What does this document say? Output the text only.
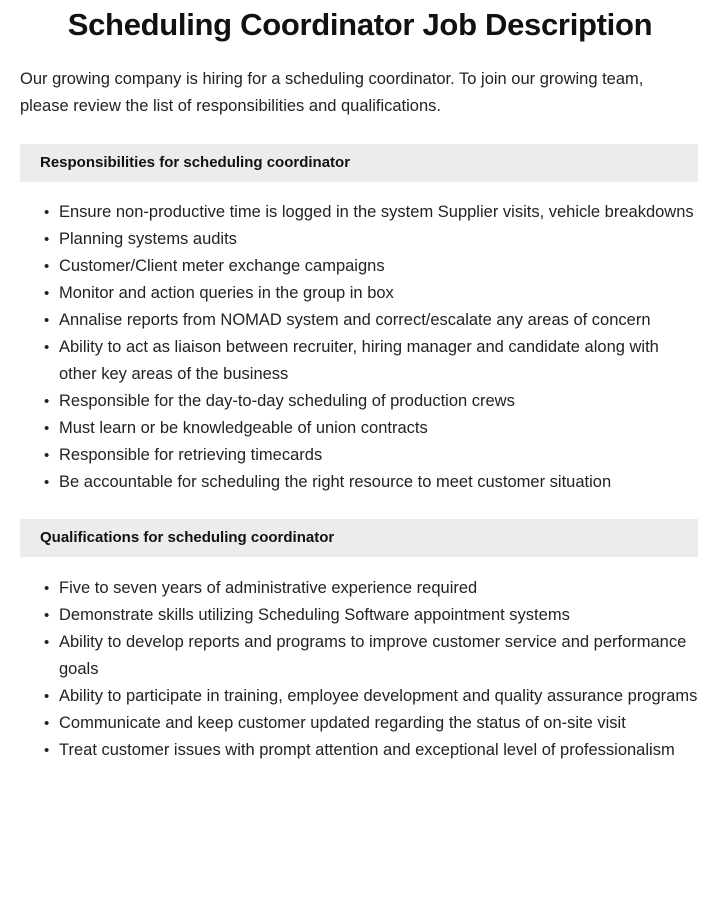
Scheduling Coordinator Job Description

Our growing company is hiring for a scheduling coordinator. To join our growing team, please review the list of responsibilities and qualifications.

Responsibilities for scheduling coordinator
• Ensure non-productive time is logged in the system Supplier visits, vehicle breakdowns
• Planning systems audits
• Customer/Client meter exchange campaigns
• Monitor and action queries in the group in box
• Annalise reports from NOMAD system and correct/escalate any areas of concern
• Ability to act as liaison between recruiter, hiring manager and candidate along with other key areas of the business
• Responsible for the day-to-day scheduling of production crews
• Must learn or be knowledgeable of union contracts
• Responsible for retrieving timecards
• Be accountable for scheduling the right resource to meet customer situation
Qualifications for scheduling coordinator
• Five to seven years of administrative experience required
• Demonstrate skills utilizing Scheduling Software appointment systems
• Ability to develop reports and programs to improve customer service and performance goals
• Ability to participate in training, employee development and quality assurance programs
• Communicate and keep customer updated regarding the status of on-site visit
• Treat customer issues with prompt attention and exceptional level of professionalism
